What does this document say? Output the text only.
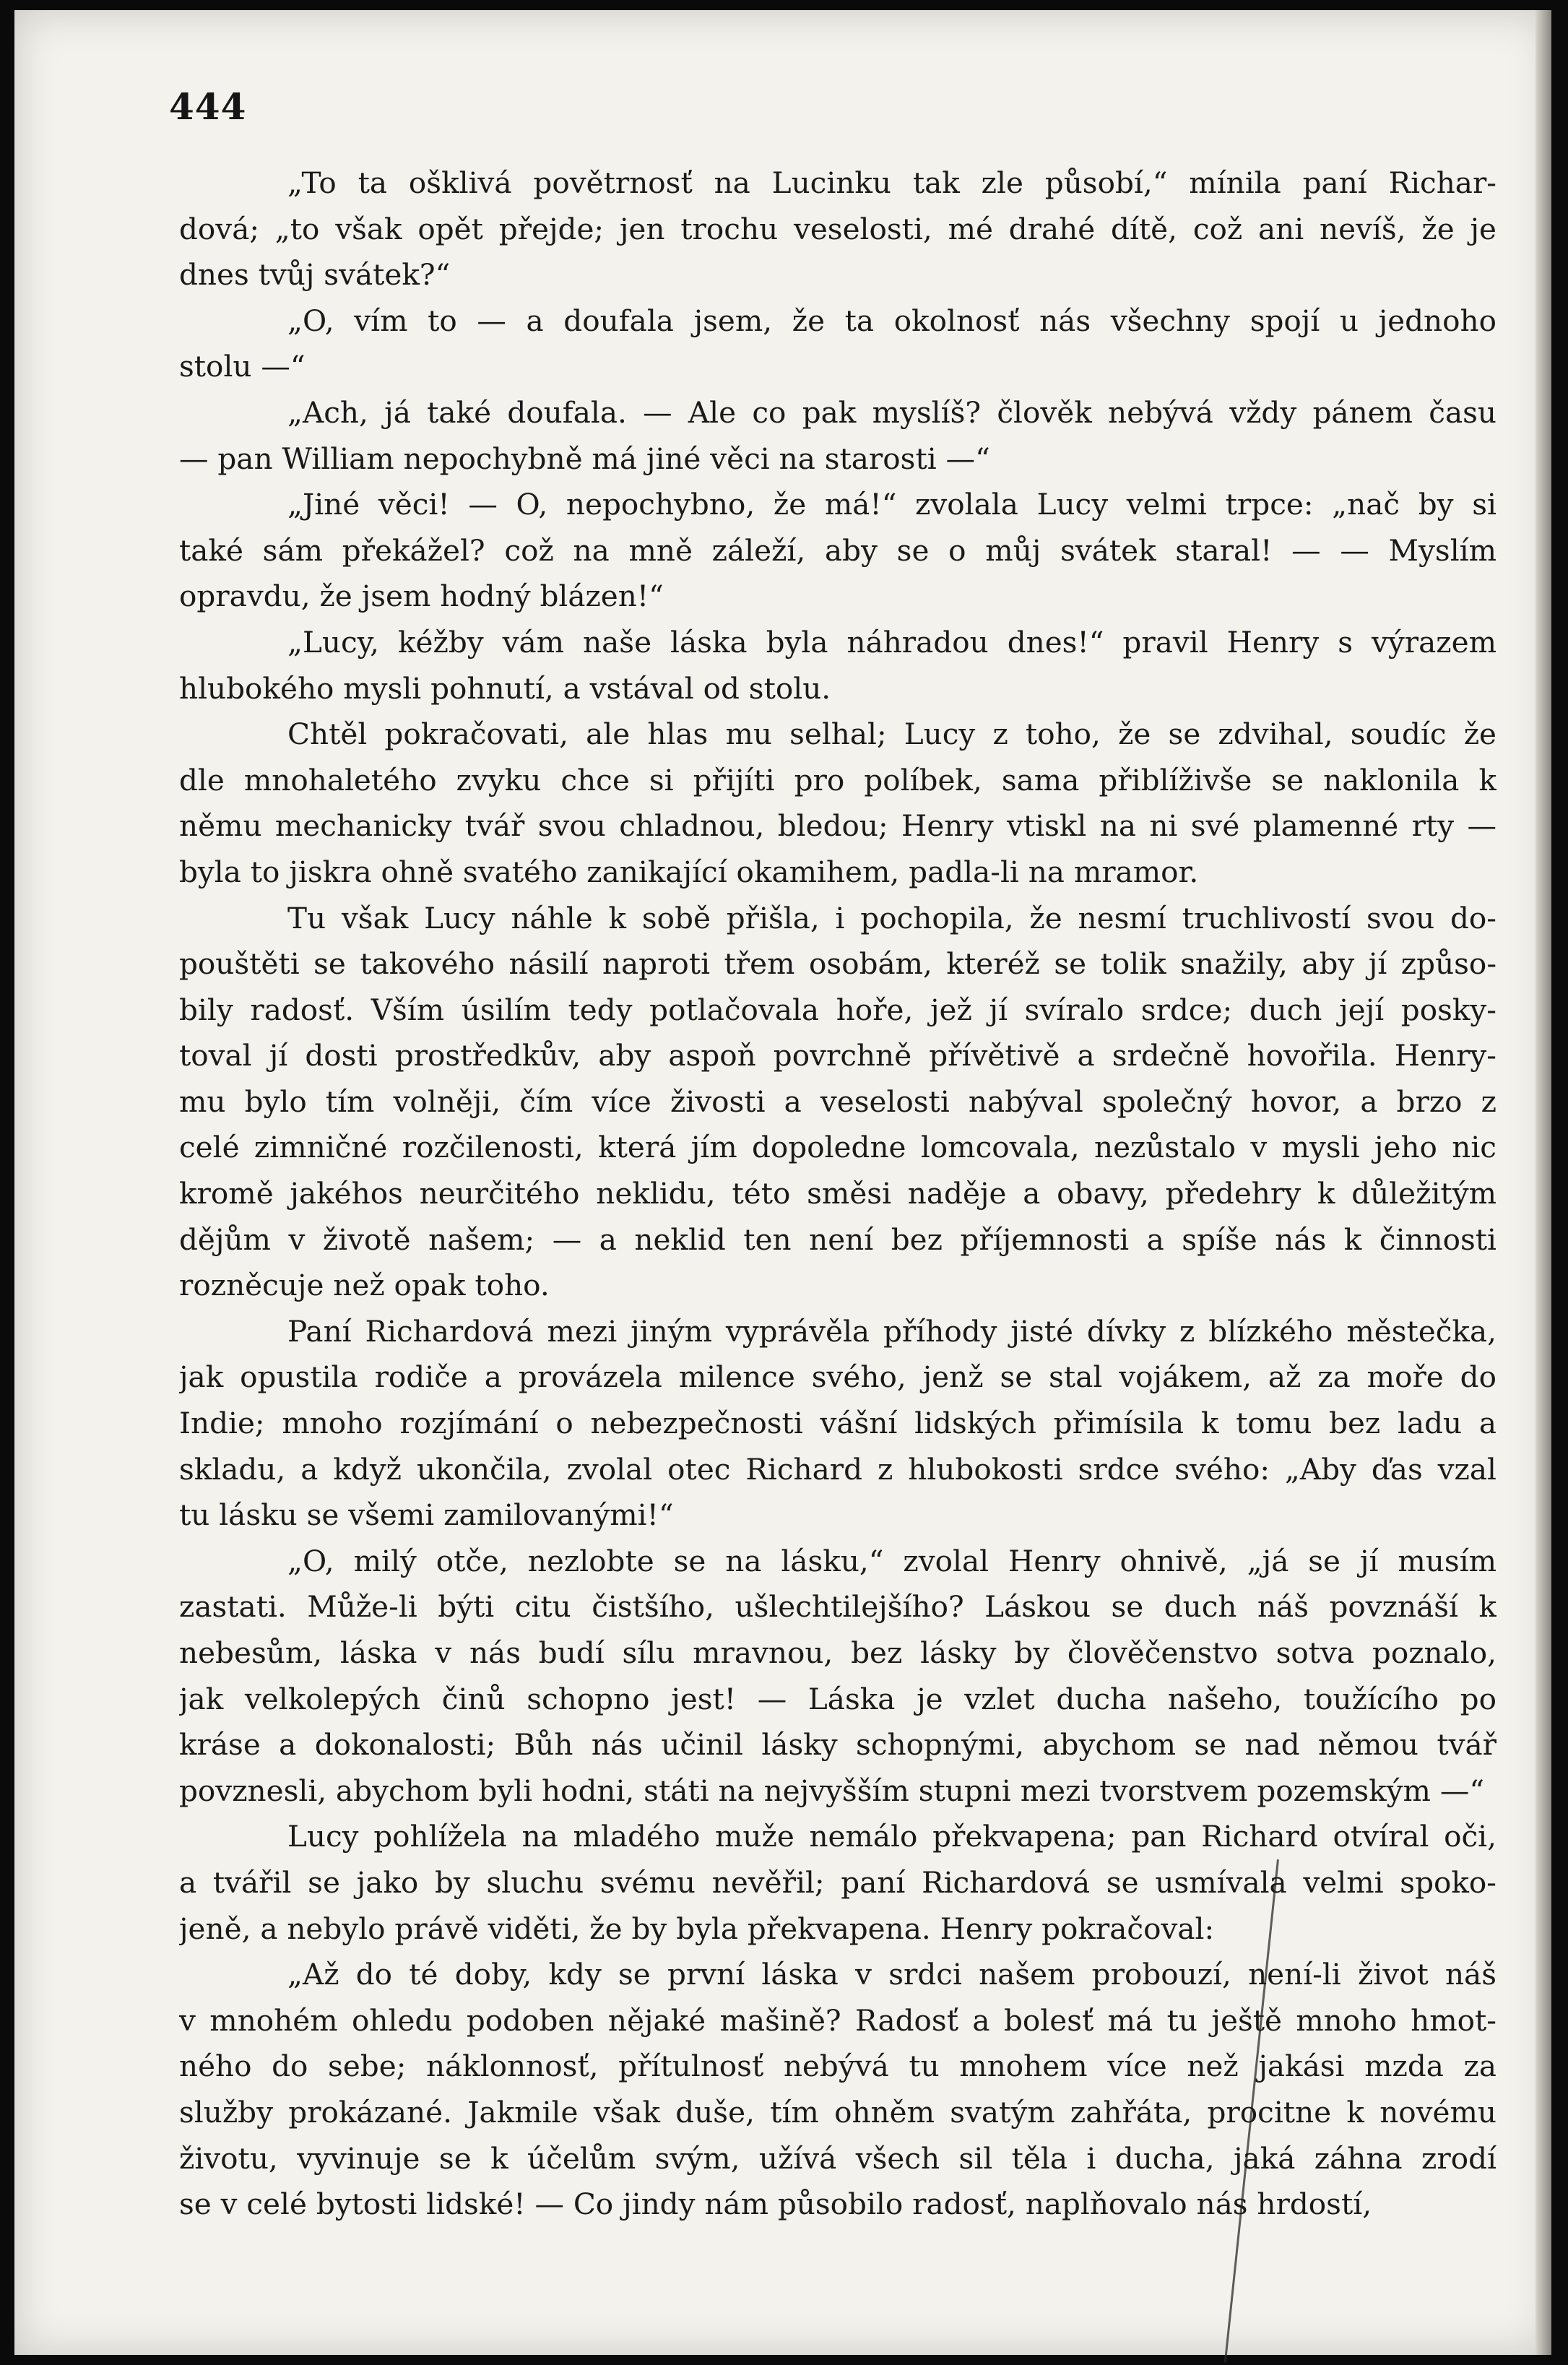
444
„To ta ošklivá povětrnosť na Lucinku tak zle působí,“ mínila paní Richar-
dová; „to však opět přejde; jen trochu veselosti, mé drahé dítě, což ani nevíš, že je
dnes tvůj svátek?“
„O, vím to — a doufala jsem, že ta okolnosť nás všechny spojí u jednoho
stolu —“
„Ach, já také doufala. — Ale co pak myslíš? člověk nebývá vždy pánem času
— pan William nepochybně má jiné věci na starosti —“
„Jiné věci! — O, nepochybno, že má!“ zvolala Lucy velmi trpce: „nač by si
také sám překážel? což na mně záleží, aby se o můj svátek staral! — — Myslím
opravdu, že jsem hodný blázen!“
„Lucy, kéžby vám naše láska byla náhradou dnes!“ pravil Henry s výrazem
hlubokého mysli pohnutí, a vstával od stolu.
Chtěl pokračovati, ale hlas mu selhal; Lucy z toho, že se zdvihal, soudíc že
dle mnohaletého zvyku chce si přijíti pro políbek, sama přiblíživše se naklonila k
němu mechanicky tvář svou chladnou, bledou; Henry vtiskl na ni své plamenné rty —
byla to jiskra ohně svatého zanikající okamihem, padla-li na mramor.
Tu však Lucy náhle k sobě přišla, i pochopila, že nesmí truchlivostí svou do-
pouštěti se takového násilí naproti třem osobám, kteréž se tolik snažily, aby jí způso-
bily radosť. Vším úsilím tedy potlačovala hoře, jež jí svíralo srdce; duch její posky-
toval jí dosti prostředkův, aby aspoň povrchně přívětivě a srdečně hovořila. Henry-
mu bylo tím volněji, čím více živosti a veselosti nabýval společný hovor, a brzo z
celé zimničné rozčilenosti, která jím dopoledne lomcovala, nezůstalo v mysli jeho nic
kromě jakéhos neurčitého neklidu, této směsi naděje a obavy, předehry k důležitým
dějům v životě našem; — a neklid ten není bez příjemnosti a spíše nás k činnosti
rozněcuje než opak toho.
Paní Richardová mezi jiným vyprávěla příhody jisté dívky z blízkého městečka,
jak opustila rodiče a provázela milence svého, jenž se stal vojákem, až za moře do
Indie; mnoho rozjímání o nebezpečnosti vášní lidských přimísila k tomu bez ladu a
skladu, a když ukončila, zvolal otec Richard z hlubokosti srdce svého: „Aby ďas vzal
tu lásku se všemi zamilovanými!“
„O, milý otče, nezlobte se na lásku,“ zvolal Henry ohnivě, „já se jí musím
zastati. Může-li býti citu čistšího, ušlechtilejšího? Láskou se duch náš povznáší k
nebesům, láska v nás budí sílu mravnou, bez lásky by člověčenstvo sotva poznalo,
jak velkolepých činů schopno jest! — Láska je vzlet ducha našeho, toužícího po
kráse a dokonalosti; Bůh nás učinil lásky schopnými, abychom se nad němou tvář
povznesli, abychom byli hodni, státi na nejvyšším stupni mezi tvorstvem pozemským —“
Lucy pohlížela na mladého muže nemálo překvapena; pan Richard otvíral oči,
a tvářil se jako by sluchu svému nevěřil; paní Richardová se usmívala velmi spoko-
jeně, a nebylo právě viděti, že by byla překvapena. Henry pokračoval:
„Až do té doby, kdy se první láska v srdci našem probouzí, není-li život náš
v mnohém ohledu podoben nějaké mašině? Radosť a bolesť má tu ještě mnoho hmot-
ného do sebe; náklonnosť, přítulnosť nebývá tu mnohem více než jakási mzda za
služby prokázané. Jakmile však duše, tím ohněm svatým zahřáta, procitne k novému
životu, vyvinuje se k účelům svým, užívá všech sil těla i ducha, jaká záhna zrodí
se v celé bytosti lidské! — Co jindy nám působilo radosť, naplňovalo nás hrdostí,
